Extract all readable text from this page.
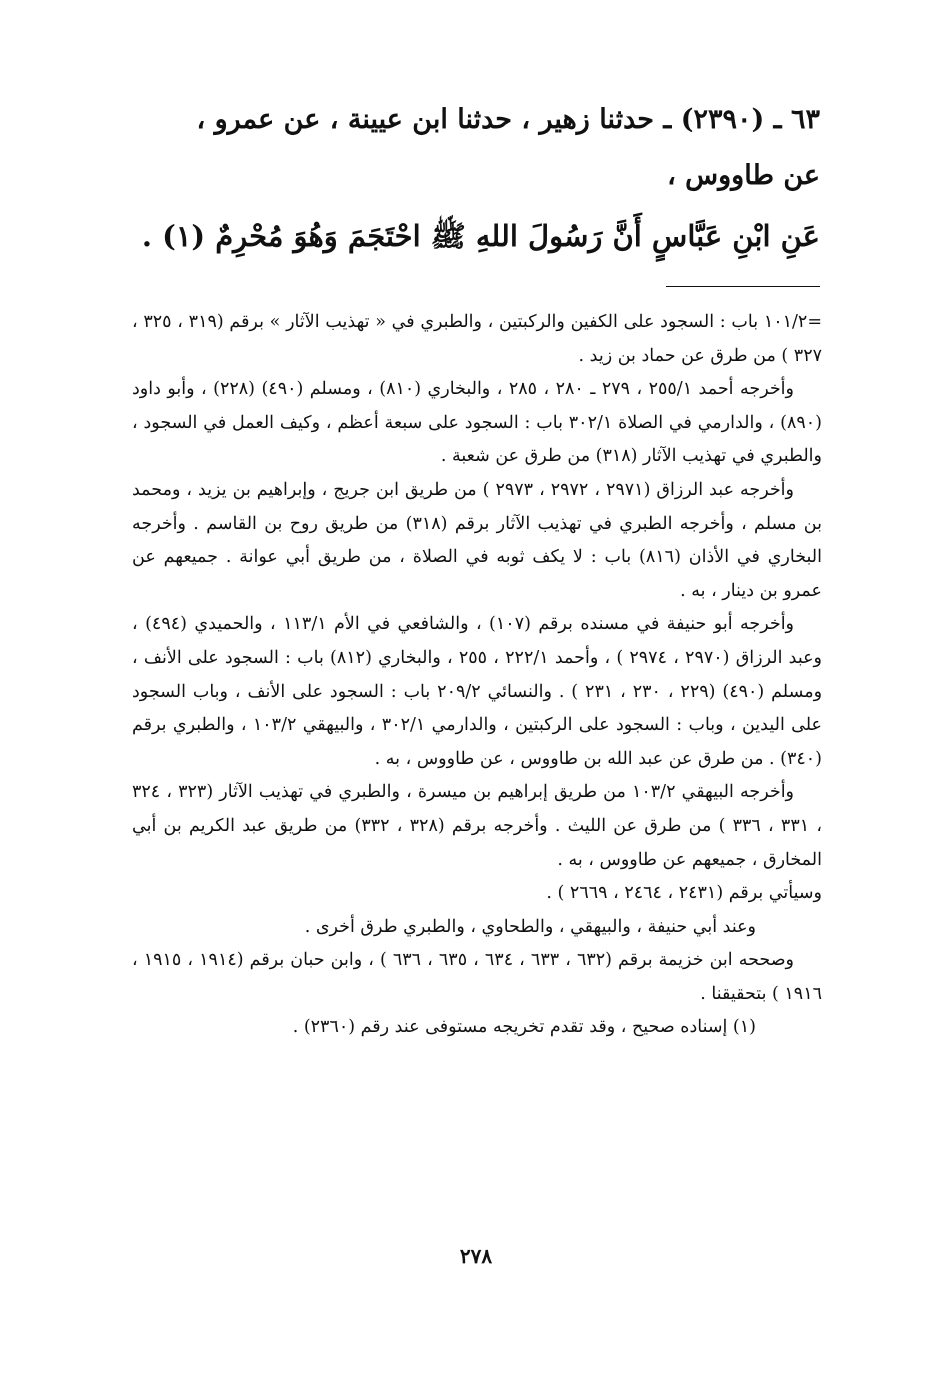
٦٣ ـ (٢٣٩٠) ـ حدثنا زهير ، حدثنا ابن عيينة ، عن عمرو ،

عن طاووس ،

عَنِ ابْنِ عَبَّاسٍ أَنَّ رَسُولَ اللهِ ﷺ احْتَجَمَ وَهُوَ مُحْرِمٌ (١) .

=١٠١/٢ باب : السجود على الكفين والركبتين ، والطبري في « تهذيب الآثار » برقم (٣١٩ ، ٣٢٥ ، ٣٢٧ ) من طرق عن حماد بن زيد .

وأخرجه أحمد ٢٥٥/١ ، ٢٧٩ ـ ٢٨٠ ، ٢٨٥ ، والبخاري (٨١٠) ، ومسلم (٤٩٠) (٢٢٨) ، وأبو داود (٨٩٠) ، والدارمي في الصلاة ٣٠٢/١ باب : السجود على سبعة أعظم ، وكيف العمل في السجود ، والطبري في تهذيب الآثار (٣١٨) من طرق عن شعبة .

وأخرجه عبد الرزاق (٢٩٧١ ، ٢٩٧٢ ، ٢٩٧٣ ) من طريق ابن جريج ، وإبراهيم بن يزيد ، ومحمد بن مسلم ، وأخرجه الطبري في تهذيب الآثار برقم (٣١٨) من طريق روح بن القاسم . وأخرجه البخاري في الأذان (٨١٦) باب : لا يكف ثوبه في الصلاة ، من طريق أبي عوانة . جميعهم عن عمرو بن دينار ، به .

وأخرجه أبو حنيفة في مسنده برقم (١٠٧) ، والشافعي في الأم ١١٣/١ ، والحميدي (٤٩٤) ، وعبد الرزاق (٢٩٧٠ ، ٢٩٧٤ ) ، وأحمد ٢٢٢/١ ، ٢٥٥ ، والبخاري (٨١٢) باب : السجود على الأنف ، ومسلم (٤٩٠) (٢٢٩ ، ٢٣٠ ، ٢٣١ ) . والنسائي ٢٠٩/٢ باب : السجود على الأنف ، وباب السجود على اليدين ، وباب : السجود على الركبتين ، والدارمي ٣٠٢/١ ، والبيهقي ١٠٣/٢ ، والطبري برقم (٣٤٠) . من طرق عن عبد الله بن طاووس ، عن طاووس ، به .

وأخرجه البيهقي ١٠٣/٢ من طريق إبراهيم بن ميسرة ، والطبري في تهذيب الآثار (٣٢٣ ، ٣٢٤ ، ٣٣١ ، ٣٣٦ ) من طرق عن الليث . وأخرجه برقم (٣٢٨ ، ٣٣٢) من طريق عبد الكريم بن أبي المخارق ، جميعهم عن طاووس ، به .

وسيأتي برقم (٢٤٣١ ، ٢٤٦٤ ، ٢٦٦٩ ) .

وعند أبي حنيفة ، والبيهقي ، والطحاوي ، والطبري طرق أخرى .

وصححه ابن خزيمة برقم (٦٣٢ ، ٦٣٣ ، ٦٣٤ ، ٦٣٥ ، ٦٣٦ ) ، وابن حبان برقم (١٩١٤ ، ١٩١٥ ، ١٩١٦ ) بتحقيقنا .

(١) إسناده صحيح ، وقد تقدم تخريجه مستوفى عند رقم (٢٣٦٠) .

٢٧٨
